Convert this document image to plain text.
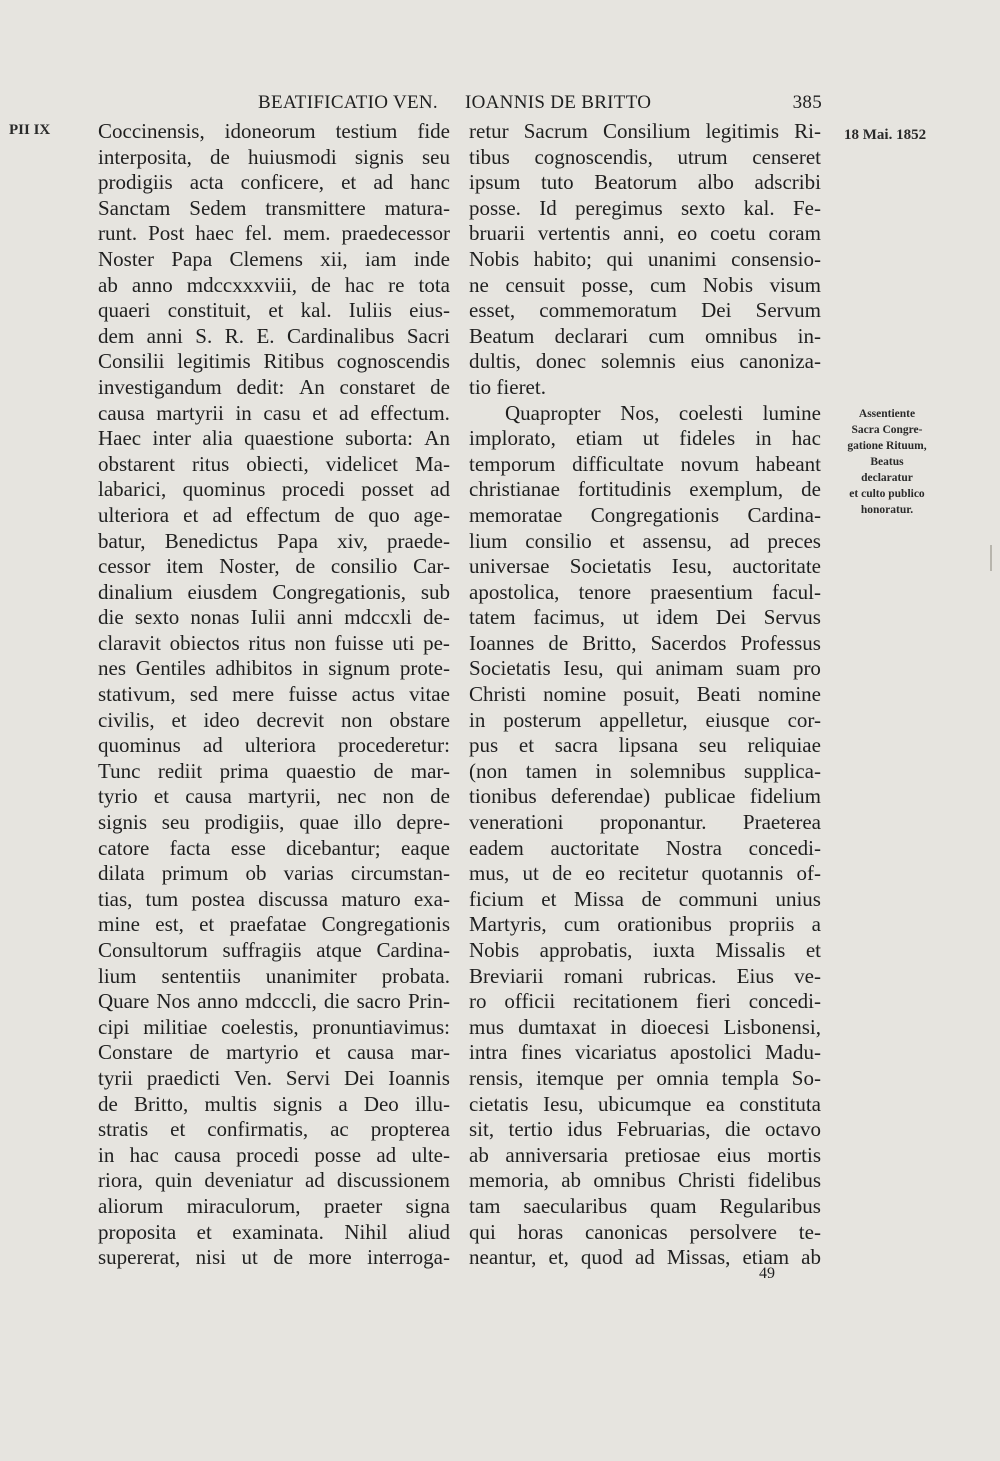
BEATIFICATIO VEN. IOANNIS DE BRITTO	385
PII IX	18 Mai. 1852
Assentiente
Sacra Congre-
gatione Rituum,
Beatus
declaratur
et culto publico
honoratur.
Coccinensis, idoneorum testium fide
interposita, de huiusmodi signis seu
prodigiis acta conficere, et ad hanc
Sanctam Sedem transmittere matura-
runt. Post haec fel. mem. praedecessor
Noster Papa Clemens xii, iam inde
ab anno mdccxxxviii, de hac re tota
quaeri constituit, et kal. Iuliis eius-
dem anni S. R. E. Cardinalibus Sacri
Consilii legitimis Ritibus cognoscendis
investigandum dedit: An constaret de
causa martyrii in casu et ad effectum.
Haec inter alia quaestione suborta: An
obstarent ritus obiecti, videlicet Ma-
labarici, quominus procedi posset ad
ulteriora et ad effectum de quo age-
batur, Benedictus Papa xiv, praede-
cessor item Noster, de consilio Car-
dinalium eiusdem Congregationis, sub
die sexto nonas Iulii anni mdccxli de-
claravit obiectos ritus non fuisse uti pe-
nes Gentiles adhibitos in signum prote-
stativum, sed mere fuisse actus vitae
civilis, et ideo decrevit non obstare
quominus ad ulteriora procederetur:
Tunc rediit prima quaestio de mar-
tyrio et causa martyrii, nec non de
signis seu prodigiis, quae illo depre-
catore facta esse dicebantur; eaque
dilata primum ob varias circumstan-
tias, tum postea discussa maturo exa-
mine est, et praefatae Congregationis
Consultorum suffragiis atque Cardina-
lium sententiis unanimiter probata.
Quare Nos anno mdcccli, die sacro Prin-
cipi militiae coelestis, pronuntiavimus:
Constare de martyrio et causa mar-
tyrii praedicti Ven. Servi Dei Ioannis
de Britto, multis signis a Deo illu-
stratis et confirmatis, ac propterea
in hac causa procedi posse ad ulte-
riora, quin deveniatur ad discussionem
aliorum miraculorum, praeter signa
proposita et examinata. Nihil aliud
supererat, nisi ut de more interroga-
retur Sacrum Consilium legitimis Ri-
tibus cognoscendis, utrum censeret
ipsum tuto Beatorum albo adscribi
posse. Id peregimus sexto kal. Fe-
bruarii vertentis anni, eo coetu coram
Nobis habito; qui unanimi consensio-
ne censuit posse, cum Nobis visum
esset, commemoratum Dei Servum
Beatum declarari cum omnibus in-
dultis, donec solemnis eius canoniza-
tio fieret.
Quapropter Nos, coelesti lumine
implorato, etiam ut fideles in hac
temporum difficultate novum habeant
christianae fortitudinis exemplum, de
memoratae Congregationis Cardina-
lium consilio et assensu, ad preces
universae Societatis Iesu, auctoritate
apostolica, tenore praesentium facul-
tatem facimus, ut idem Dei Servus
Ioannes de Britto, Sacerdos Professus
Societatis Iesu, qui animam suam pro
Christi nomine posuit, Beati nomine
in posterum appelletur, eiusque cor-
pus et sacra lipsana seu reliquiae
(non tamen in solemnibus supplica-
tionibus deferendae) publicae fidelium
venerationi proponantur. Praeterea
eadem auctoritate Nostra concedi-
mus, ut de eo recitetur quotannis of-
ficium et Missa de communi unius
Martyris, cum orationibus propriis a
Nobis approbatis, iuxta Missalis et
Breviarii romani rubricas. Eius ve-
ro officii recitationem fieri concedi-
mus dumtaxat in dioecesi Lisbonensi,
intra fines vicariatus apostolici Madu-
rensis, itemque per omnia templa So-
cietatis Iesu, ubicumque ea constituta
sit, tertio idus Februarias, die octavo
ab anniversaria pretiosae eius mortis
memoria, ab omnibus Christi fidelibus
tam saecularibus quam Regularibus
qui horas canonicas persolvere te-
neantur, et, quod ad Missas, etiam ab
49
